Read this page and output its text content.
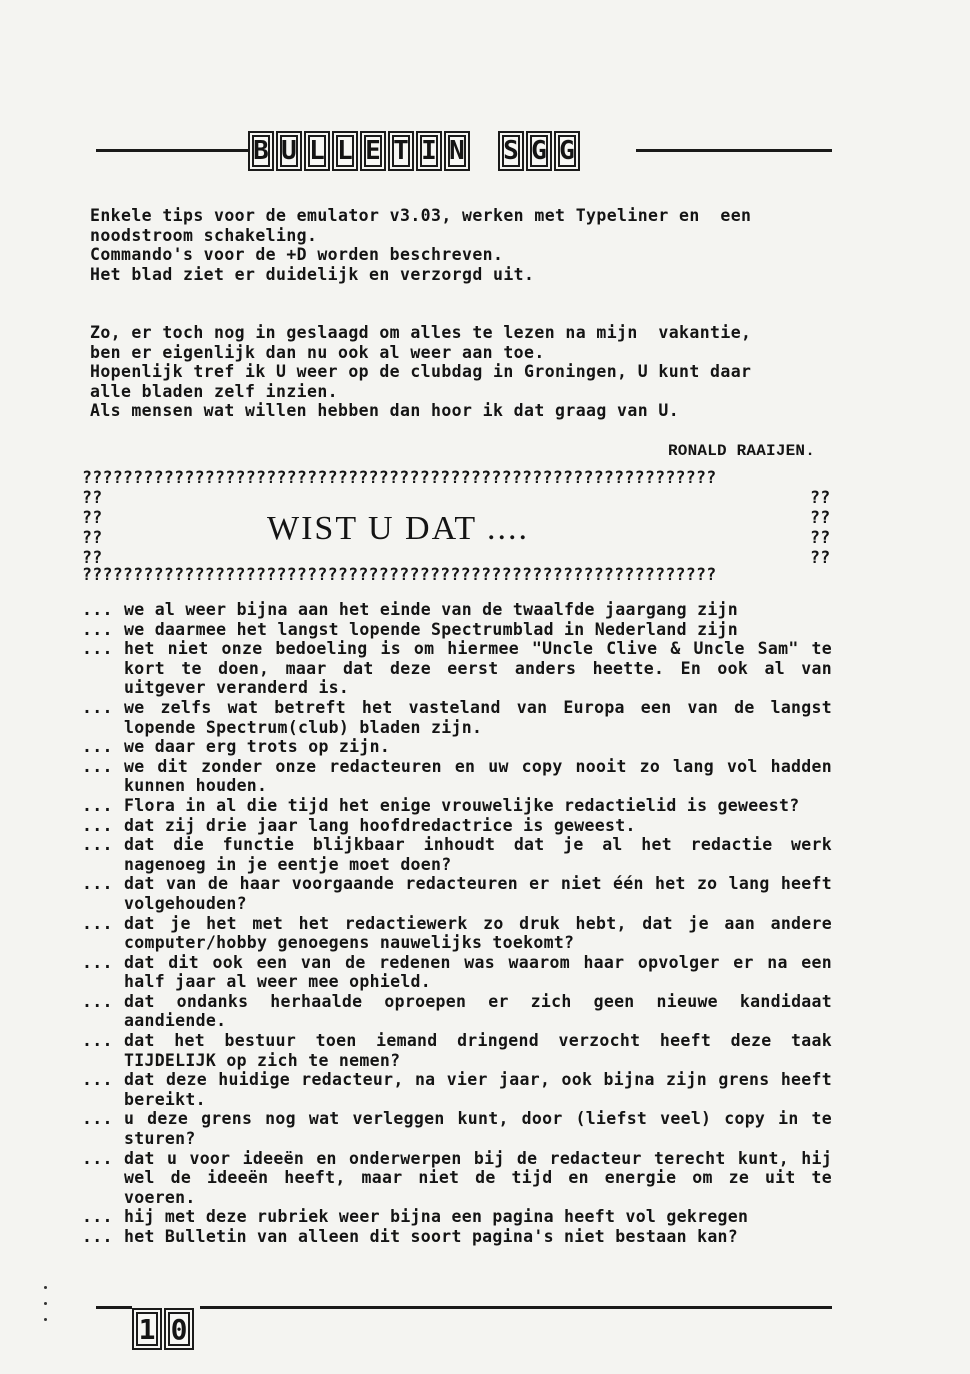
B U L L E T I N S G G
Enkele tips voor de emulator v3.03, werken met Typeliner en  een
noodstroom schakeling.
Commando's voor de +D worden beschreven.
Het blad ziet er duidelijk en verzorgd uit.
Zo, er toch nog in geslaagd om alles te lezen na mijn  vakantie,
ben er eigenlijk dan nu ook al weer aan toe.
Hopenlijk tref ik U weer op de clubdag in Groningen, U kunt daar
alle bladen zelf inzien.
Als mensen wat willen hebben dan hoor ik dat graag van U.
RONALD RAAIJEN.
??????????????????????????????????????????????????????????????
??
??
??
??
??
??
??
??
WIST U DAT ....
??????????????????????????????????????????????????????????????
... we al weer bijna aan het einde van de twaalfde jaargang zijn
... we daarmee het langst lopende Spectrumblad in Nederland zijn
... het niet onze bedoeling is om hiermee "Uncle Clive & Uncle Sam" te kort te doen, maar dat deze eerst anders heette. En ook al van uitgever veranderd is.
... we zelfs wat betreft het vasteland van Europa een van de langst lopende Spectrum(club) bladen zijn.
... we daar erg trots op zijn.
... we dit zonder onze redacteuren en uw copy nooit zo lang vol hadden kunnen houden.
... Flora in al die tijd het enige vrouwelijke redactielid is geweest?
... dat zij drie jaar lang hoofdredactrice is geweest.
... dat die functie blijkbaar inhoudt dat je al het redactie werk nagenoeg in je eentje moet doen?
... dat van de haar voorgaande redacteuren er niet één het zo lang heeft volgehouden?
... dat je het met het redactiewerk zo druk hebt, dat je aan andere computer/hobby genoegens nauwelijks toekomt?
... dat dit ook een van de redenen was waarom haar opvolger er na een half jaar al weer mee ophield.
... dat ondanks herhaalde oproepen er zich geen nieuwe kandidaat aandiende.
... dat het bestuur toen iemand dringend verzocht heeft deze taak TIJDELIJK op zich te nemen?
... dat deze huidige redacteur, na vier jaar, ook bijna zijn grens heeft bereikt.
... u deze grens nog wat verleggen kunt, door (liefst veel) copy in te sturen?
... dat u voor ideeën en onderwerpen bij de redacteur terecht kunt, hij wel de ideeën heeft, maar niet de tijd en energie om ze uit te voeren.
... hij met deze rubriek weer bijna een pagina heeft vol gekregen
... het Bulletin van alleen dit soort pagina's niet bestaan kan?
1 0
